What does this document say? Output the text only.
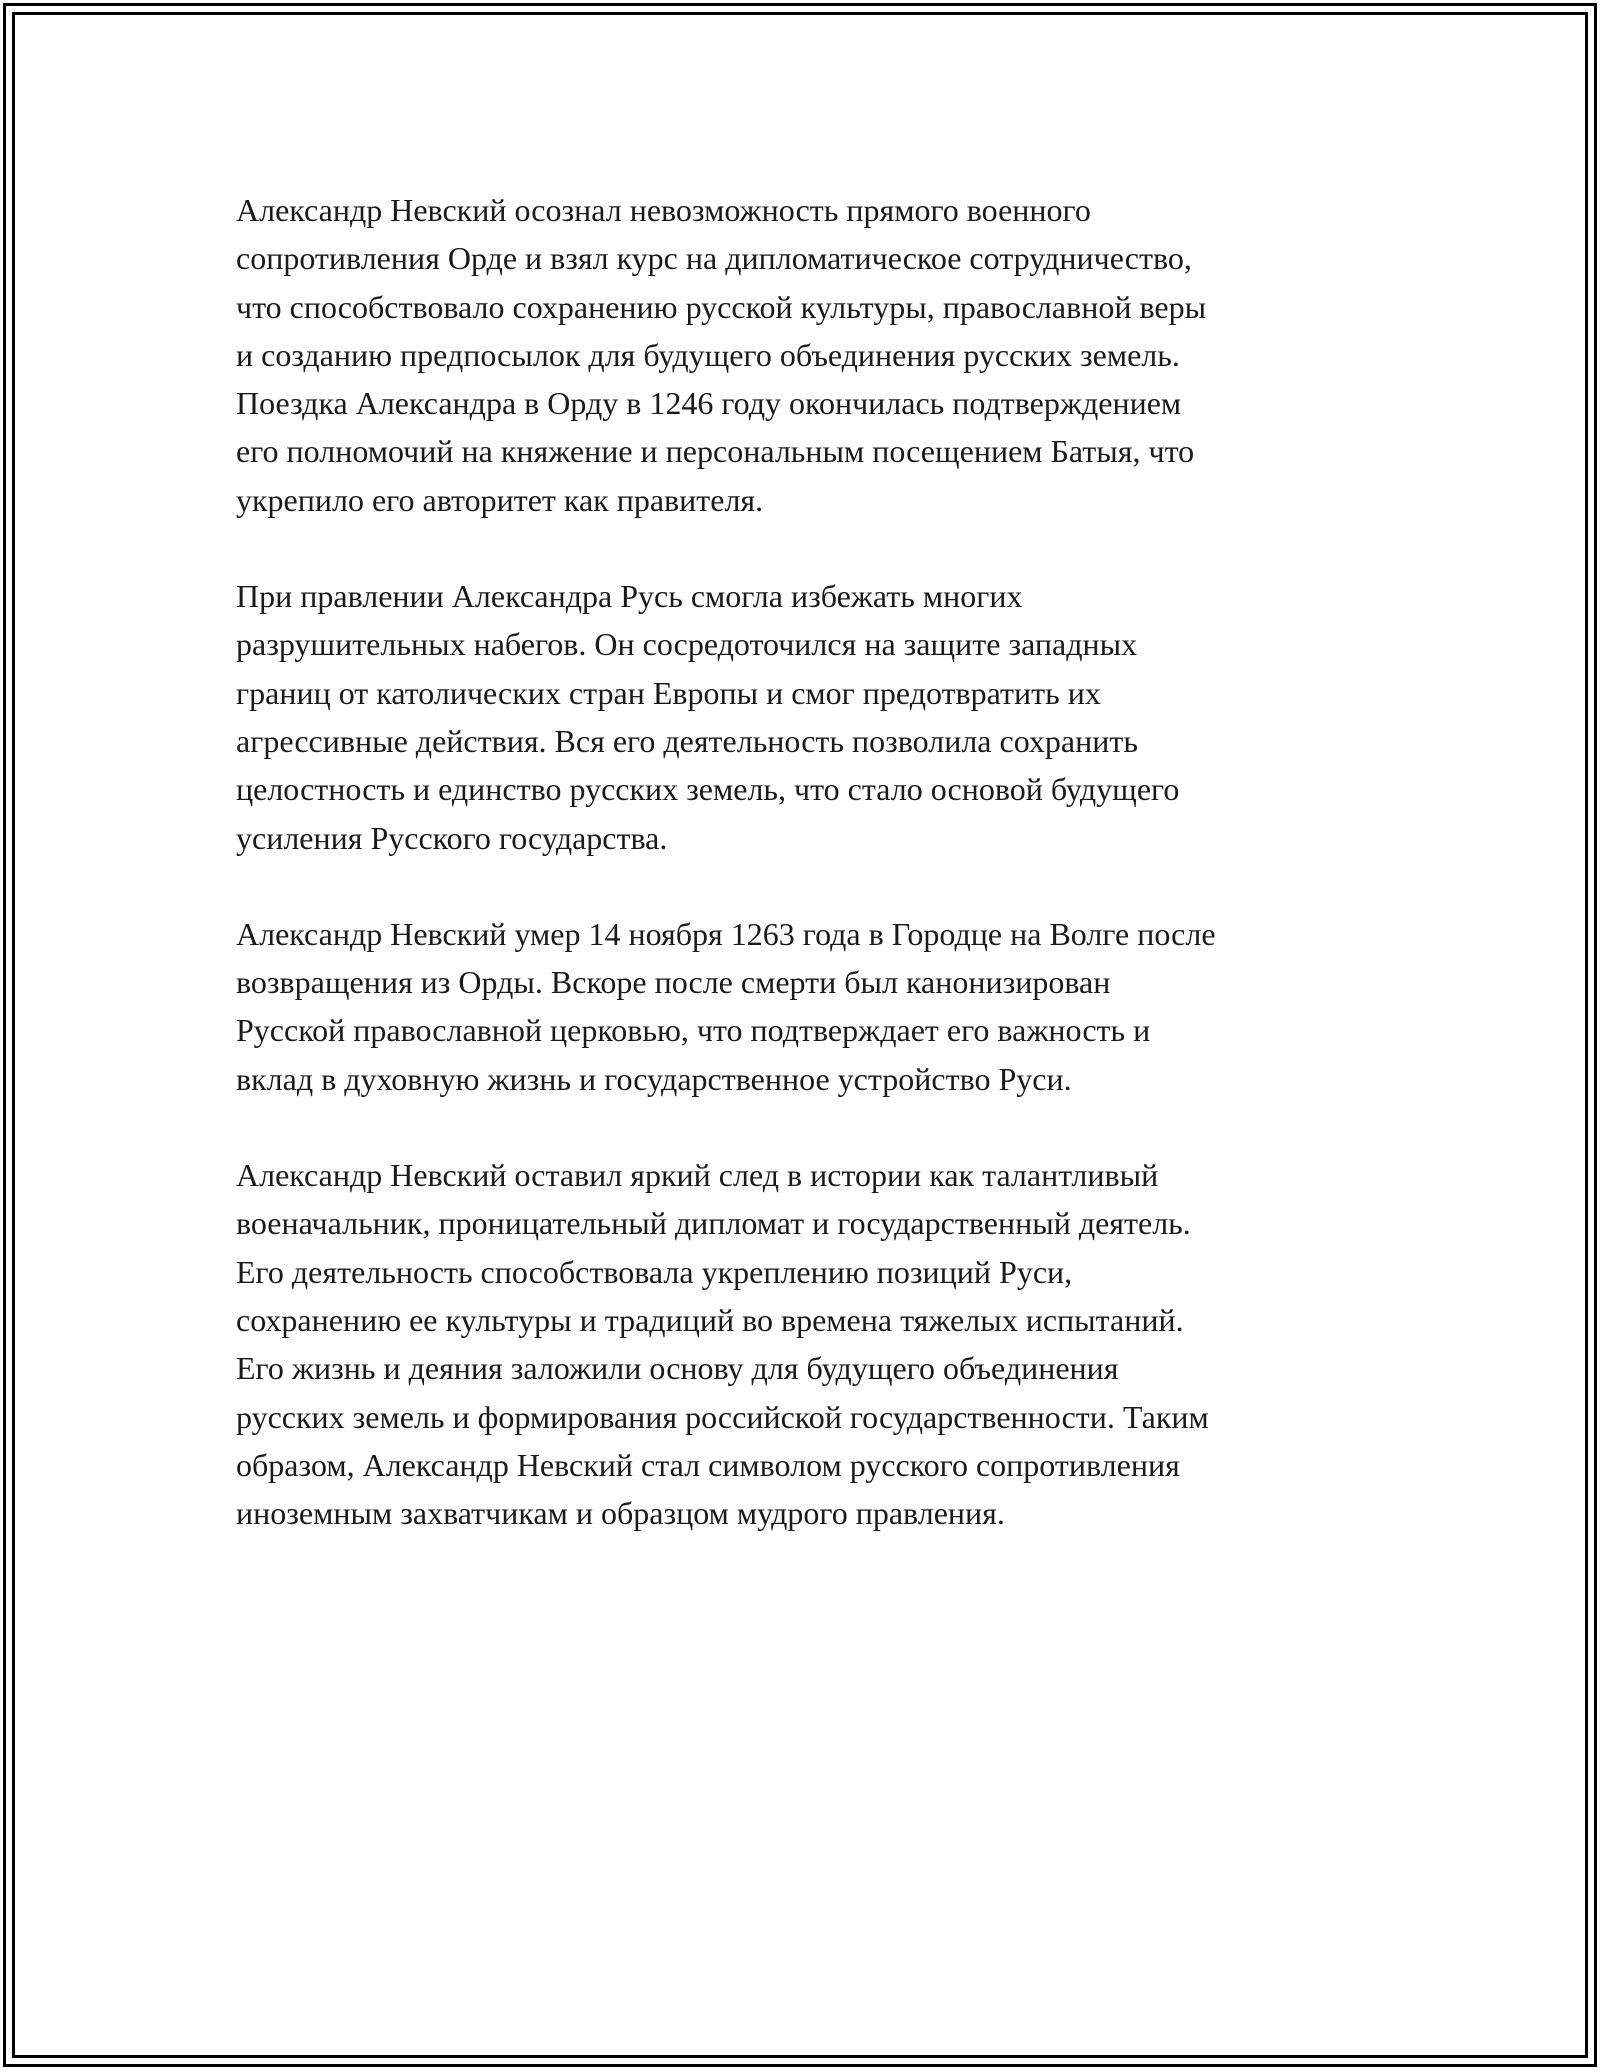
Александр Невский осознал невозможность прямого военного
сопротивления Орде и взял курс на дипломатическое сотрудничество,
что способствовало сохранению русской культуры, православной веры
и созданию предпосылок для будущего объединения русских земель.
Поездка Александра в Орду в 1246 году окончилась подтверждением
его полномочий на княжение и персональным посещением Батыя, что
укрепило его авторитет как правителя.

При правлении Александра Русь смогла избежать многих
разрушительных набегов. Он сосредоточился на защите западных
границ от католических стран Европы и смог предотвратить их
агрессивные действия. Вся его деятельность позволила сохранить
целостность и единство русских земель, что стало основой будущего
усиления Русского государства.

Александр Невский умер 14 ноября 1263 года в Городце на Волге после
возвращения из Орды. Вскоре после смерти был канонизирован
Русской православной церковью, что подтверждает его важность и
вклад в духовную жизнь и государственное устройство Руси.

Александр Невский оставил яркий след в истории как талантливый
военачальник, проницательный дипломат и государственный деятель.
Его деятельность способствовала укреплению позиций Руси,
сохранению ее культуры и традиций во времена тяжелых испытаний.
Его жизнь и деяния заложили основу для будущего объединения
русских земель и формирования российской государственности. Таким
образом, Александр Невский стал символом русского сопротивления
иноземным захватчикам и образцом мудрого правления.
